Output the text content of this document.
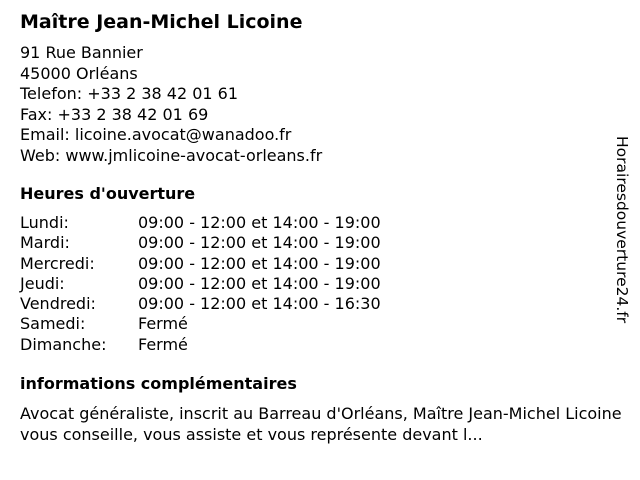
Maître Jean-Michel Licoine
91 Rue Bannier
45000 Orléans
Telefon: +33 2 38 42 01 61
Fax: +33 2 38 42 01 69
Email: licoine.avocat@wanadoo.fr
Web: www.jmlicoine-avocat-orleans.fr
Heures d'ouverture
Lundi:	09:00 - 12:00 et 14:00 - 19:00
Mardi:	09:00 - 12:00 et 14:00 - 19:00
Mercredi:	09:00 - 12:00 et 14:00 - 19:00
Jeudi:	09:00 - 12:00 et 14:00 - 19:00
Vendredi:	09:00 - 12:00 et 14:00 - 16:30
Samedi:	Fermé
Dimanche:	Fermé
informations complémentaires
Avocat généraliste, inscrit au Barreau d'Orléans, Maître Jean-Michel Licoine vous conseille, vous assiste et vous représente devant l...
Horairesdouverture24.fr
